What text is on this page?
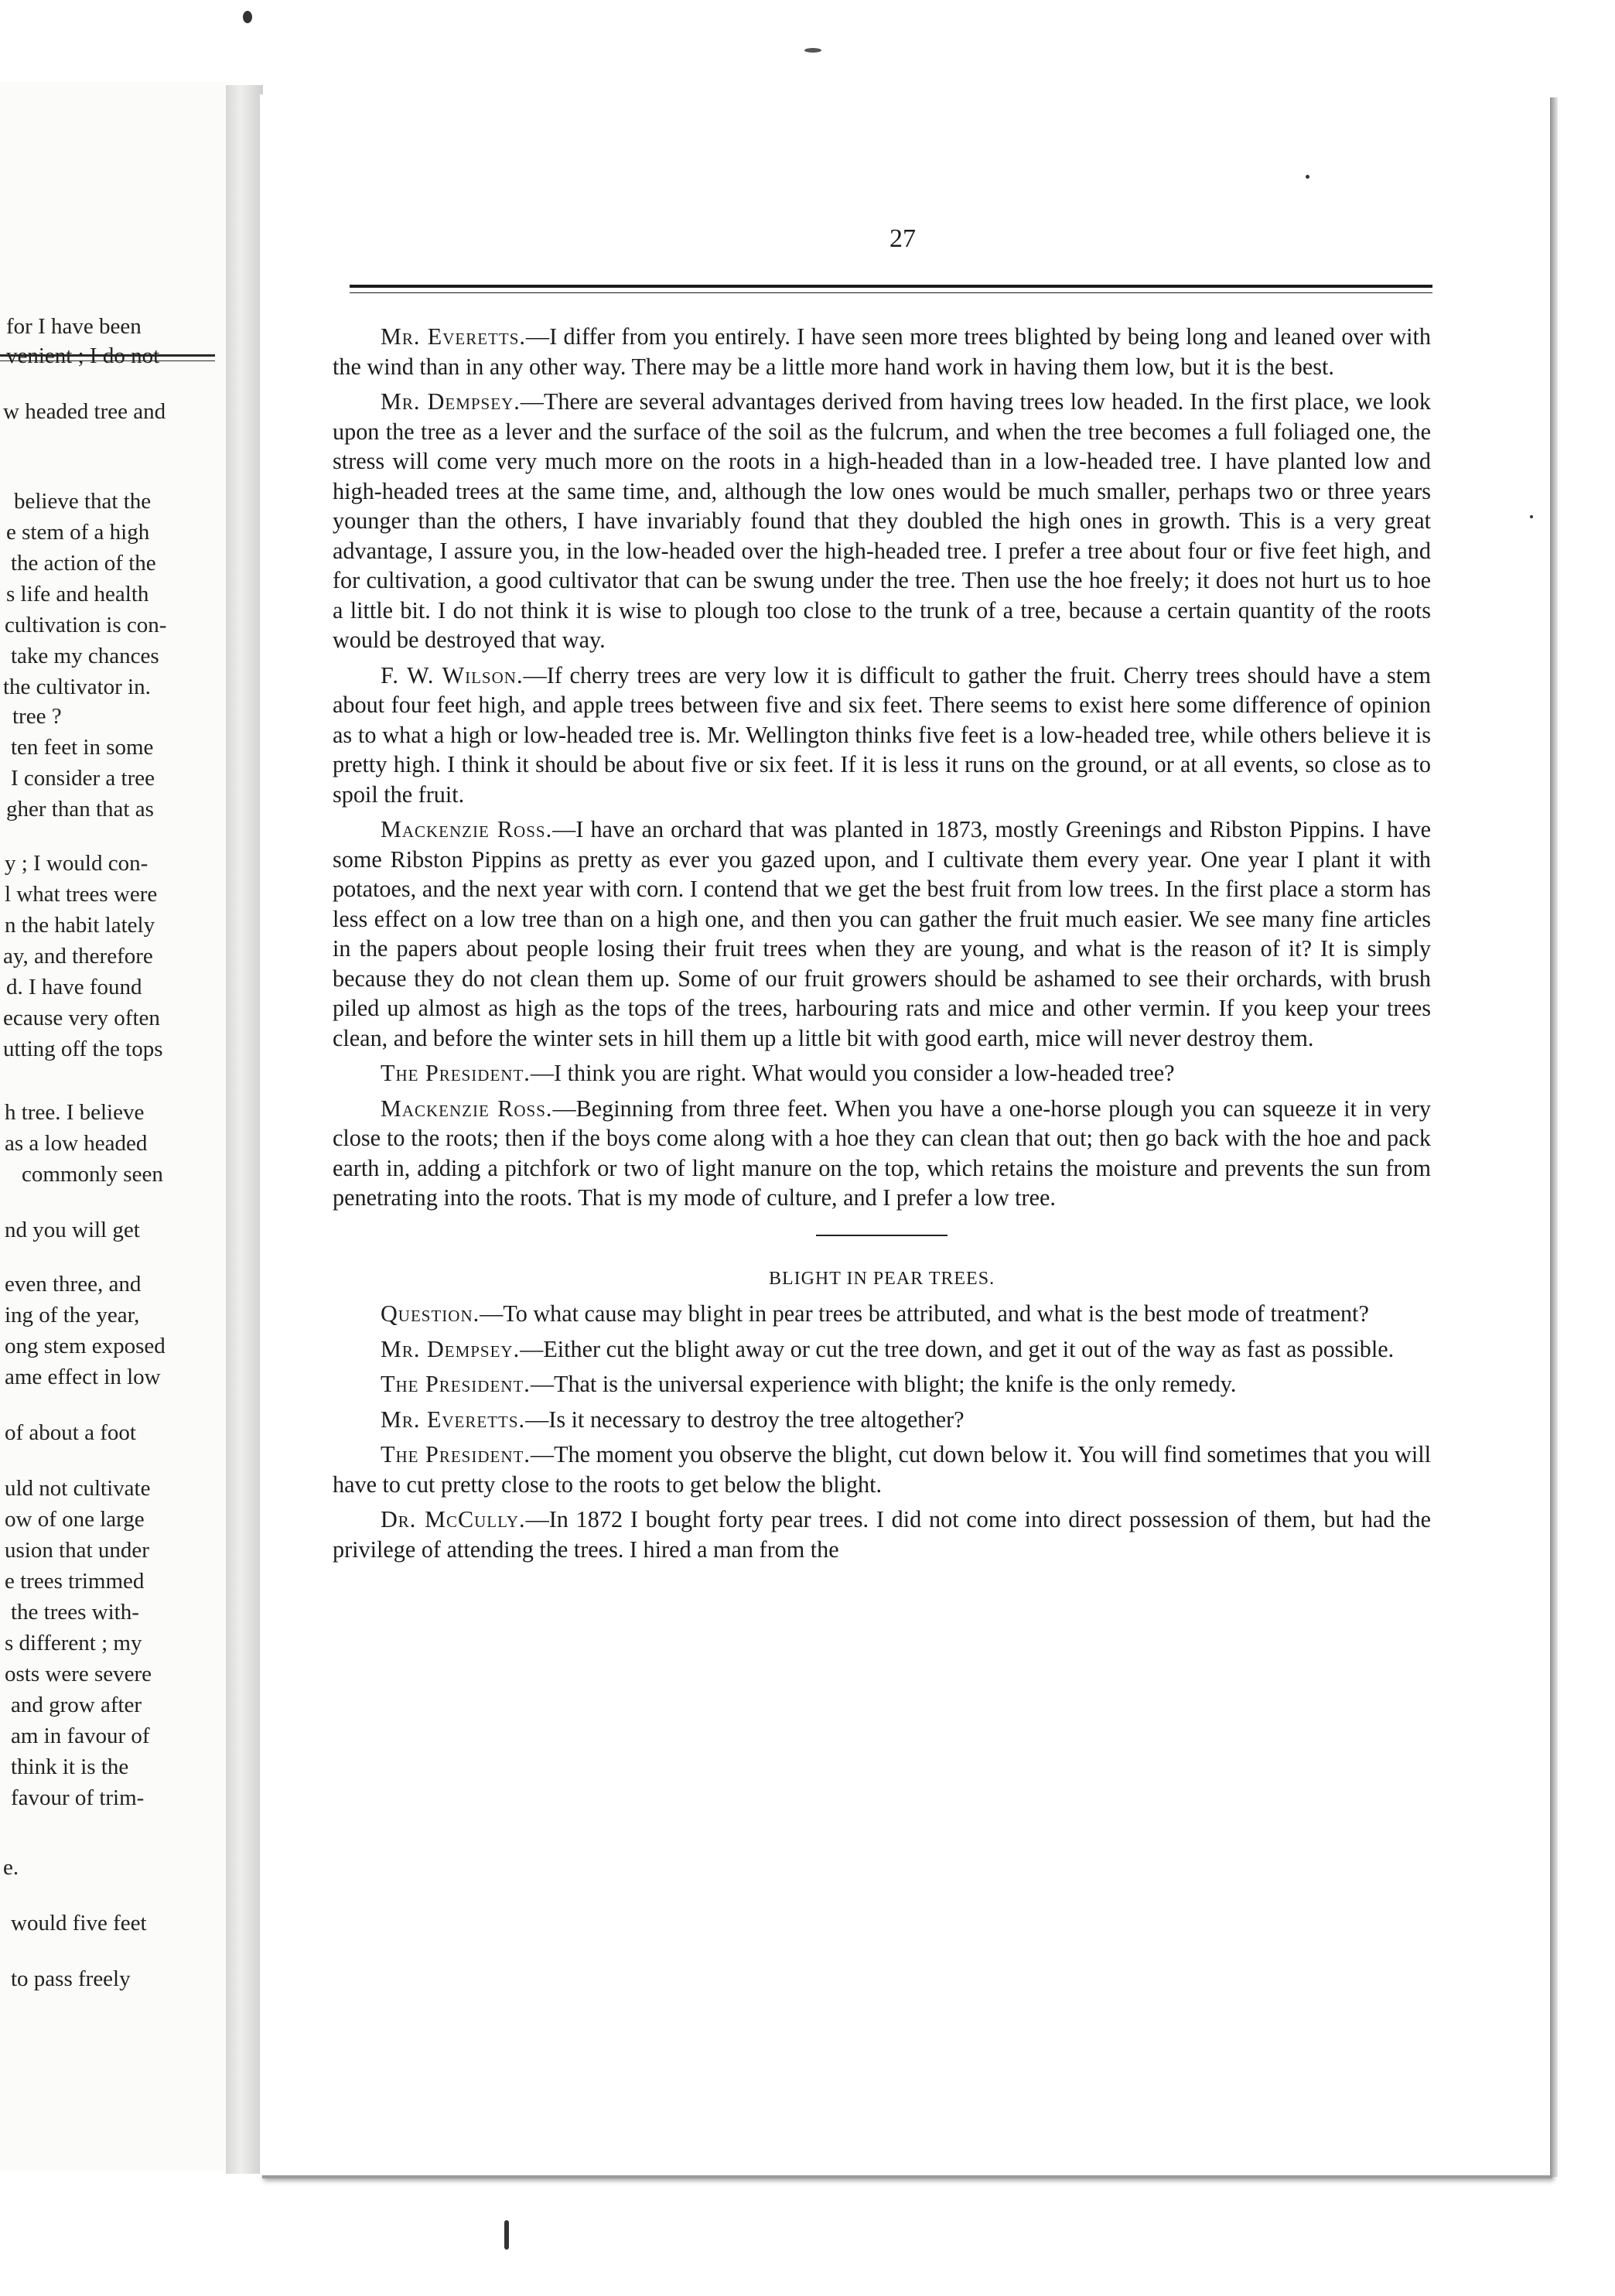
for I have been

venient ; I do not

w headed tree and

believe that the

e stem of a high

the action of the

s life and health

cultivation is con-

take my chances

the cultivator in.

tree ?

ten feet in some

I consider a tree

gher than that as

y ; I would con-

l what trees were

n the habit lately

ay, and therefore

d. I have found

ecause very often

utting off the tops

h tree. I believe

as a low headed

commonly seen

nd you will get

even three, and

ing of the year,

ong stem exposed

ame effect in low

of about a foot

uld not cultivate

ow of one large

usion that under

e trees trimmed

the trees with-

s different ; my

osts were severe

and grow after

am in favour of

think it is the

favour of trim-

e.

would five feet

to pass freely

27

Mr. Everetts.—I differ from you entirely. I have seen more trees blighted by being long and leaned over with the wind than in any other way. There may be a little more hand work in having them low, but it is the best.

Mr. Dempsey.—There are several advantages derived from having trees low headed. In the first place, we look upon the tree as a lever and the surface of the soil as the fulcrum, and when the tree becomes a full foliaged one, the stress will come very much more on the roots in a high-headed than in a low-headed tree. I have planted low and high-headed trees at the same time, and, although the low ones would be much smaller, perhaps two or three years younger than the others, I have invariably found that they doubled the high ones in growth. This is a very great advantage, I assure you, in the low-headed over the high-headed tree. I prefer a tree about four or five feet high, and for cultivation, a good cultivator that can be swung under the tree. Then use the hoe freely; it does not hurt us to hoe a little bit. I do not think it is wise to plough too close to the trunk of a tree, because a certain quantity of the roots would be destroyed that way.

F. W. Wilson.—If cherry trees are very low it is difficult to gather the fruit. Cherry trees should have a stem about four feet high, and apple trees between five and six feet. There seems to exist here some difference of opinion as to what a high or low-headed tree is. Mr. Wellington thinks five feet is a low-headed tree, while others believe it is pretty high. I think it should be about five or six feet. If it is less it runs on the ground, or at all events, so close as to spoil the fruit.

Mackenzie Ross.—I have an orchard that was planted in 1873, mostly Greenings and Ribston Pippins. I have some Ribston Pippins as pretty as ever you gazed upon, and I cultivate them every year. One year I plant it with potatoes, and the next year with corn. I contend that we get the best fruit from low trees. In the first place a storm has less effect on a low tree than on a high one, and then you can gather the fruit much easier. We see many fine articles in the papers about people losing their fruit trees when they are young, and what is the reason of it? It is simply because they do not clean them up. Some of our fruit growers should be ashamed to see their orchards, with brush piled up almost as high as the tops of the trees, harbouring rats and mice and other vermin. If you keep your trees clean, and before the winter sets in hill them up a little bit with good earth, mice will never destroy them.

The President.—I think you are right. What would you consider a low-headed tree?

Mackenzie Ross.—Beginning from three feet. When you have a one-horse plough you can squeeze it in very close to the roots; then if the boys come along with a hoe they can clean that out; then go back with the hoe and pack earth in, adding a pitchfork or two of light manure on the top, which retains the moisture and prevents the sun from penetrating into the roots. That is my mode of culture, and I prefer a low tree.

BLIGHT IN PEAR TREES.

Question.—To what cause may blight in pear trees be attributed, and what is the best mode of treatment?

Mr. Dempsey.—Either cut the blight away or cut the tree down, and get it out of the way as fast as possible.

The President.—That is the universal experience with blight; the knife is the only remedy.

Mr. Everetts.—Is it necessary to destroy the tree altogether?

The President.—The moment you observe the blight, cut down below it. You will find sometimes that you will have to cut pretty close to the roots to get below the blight.

Dr. McCully.—In 1872 I bought forty pear trees. I did not come into direct possession of them, but had the privilege of attending the trees. I hired a man from the
